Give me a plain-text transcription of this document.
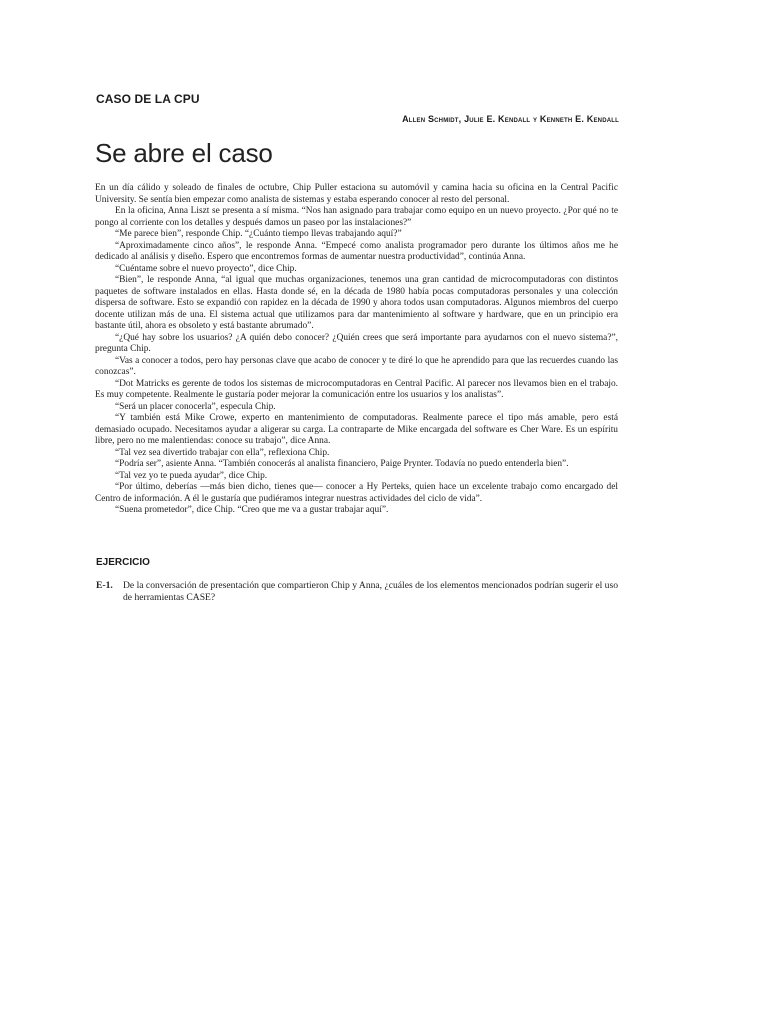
CASO DE LA CPU
Allen Schmidt, Julie E. Kendall y Kenneth E. Kendall
Se abre el caso

En un día cálido y soleado de finales de octubre, Chip Puller estaciona su automóvil y camina hacia su oficina en la Central Pacific University. Se sentía bien empezar como analista de sistemas y estaba esperando conocer al resto del personal.

En la oficina, Anna Liszt se presenta a sí misma. “Nos han asignado para trabajar como equipo en un nuevo proyecto. ¿Por qué no te pongo al corriente con los detalles y después damos un paseo por las instalaciones?”

“Me parece bien”, responde Chip. “¿Cuánto tiempo llevas trabajando aquí?”

“Aproximadamente cinco años”, le responde Anna. “Empecé como analista programador pero durante los últimos años me he dedicado al análisis y diseño. Espero que encontremos formas de aumentar nuestra productividad”, continúa Anna.

“Cuéntame sobre el nuevo proyecto”, dice Chip.

“Bien”, le responde Anna, “al igual que muchas organizaciones, tenemos una gran cantidad de microcomputadoras con distintos paquetes de software instalados en ellas. Hasta donde sé, en la década de 1980 había pocas computadoras personales y una colección dispersa de software. Esto se expandió con rapidez en la década de 1990 y ahora todos usan computadoras. Algunos miembros del cuerpo docente utilizan más de una. El sistema actual que utilizamos para dar mantenimiento al software y hardware, que en un principio era bastante útil, ahora es obsoleto y está bastante abrumado”.

“¿Qué hay sobre los usuarios? ¿A quién debo conocer? ¿Quién crees que será importante para ayudarnos con el nuevo sistema?”, pregunta Chip.

“Vas a conocer a todos, pero hay personas clave que acabo de conocer y te diré lo que he aprendido para que las recuerdes cuando las conozcas”.

“Dot Matricks es gerente de todos los sistemas de microcomputadoras en Central Pacific. Al parecer nos llevamos bien en el trabajo. Es muy competente. Realmente le gustaría poder mejorar la comunicación entre los usuarios y los analistas”.

“Será un placer conocerla”, especula Chip.

“Y también está Mike Crowe, experto en mantenimiento de computadoras. Realmente parece el tipo más amable, pero está demasiado ocupado. Necesitamos ayudar a aligerar su carga. La contraparte de Mike encargada del software es Cher Ware. Es un espíritu libre, pero no me malentiendas: conoce su trabajo”, dice Anna.

“Tal vez sea divertido trabajar con ella”, reflexiona Chip.

“Podría ser”, asiente Anna. “También conocerás al analista financiero, Paige Prynter. Todavía no puedo entenderla bien”.

“Tal vez yo te pueda ayudar”, dice Chip.

“Por último, deberías —más bien dicho, tienes que— conocer a Hy Perteks, quien hace un excelente trabajo como encargado del Centro de información. A él le gustaría que pudiéramos integrar nuestras actividades del ciclo de vida”.

“Suena prometedor”, dice Chip. “Creo que me va a gustar trabajar aquí”.

EJERCICIO
E-1.	De la conversación de presentación que compartieron Chip y Anna, ¿cuáles de los elementos mencionados podrían sugerir el uso de herramientas CASE?
